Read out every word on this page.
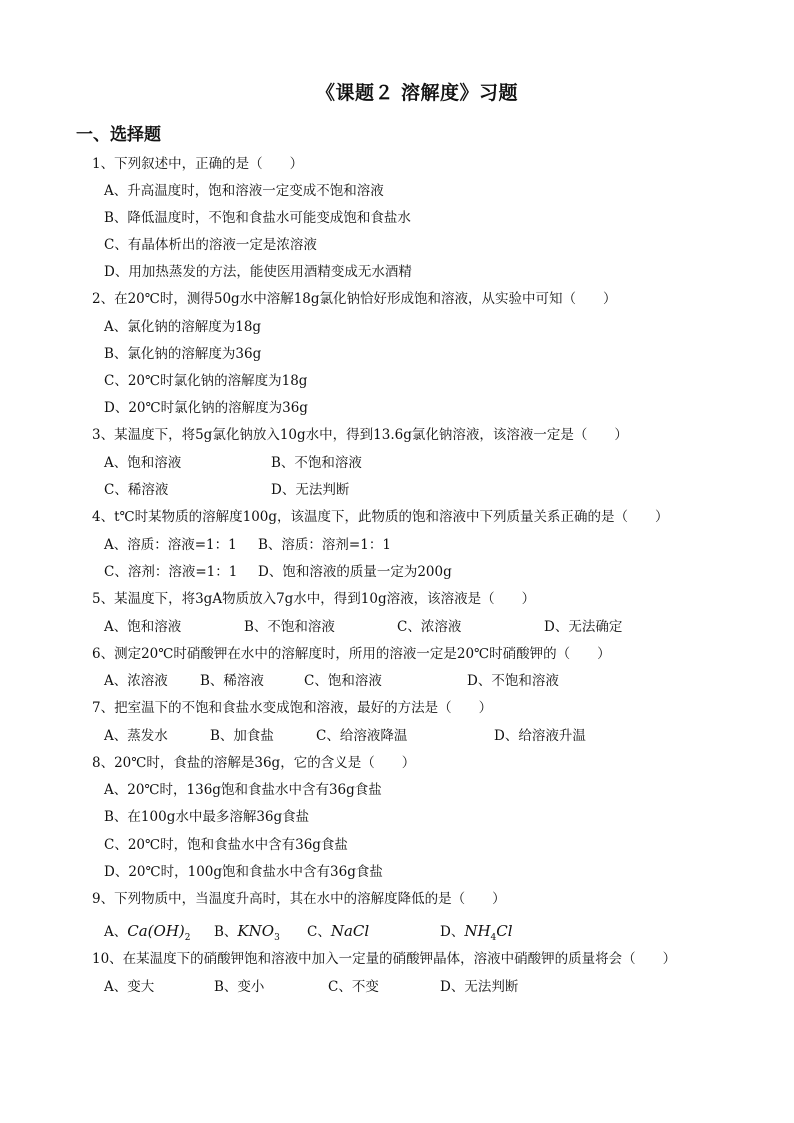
《课题２ 溶解度》习题
一、选择题
1、下列叙述中，正确的是（　　）
A、升高温度时，饱和溶液一定变成不饱和溶液
B、降低温度时，不饱和食盐水可能变成饱和食盐水
C、有晶体析出的溶液一定是浓溶液
D、用加热蒸发的方法，能使医用酒精变成无水酒精
2、在20℃时，测得50g水中溶解18g氯化钠恰好形成饱和溶液，从实验中可知（　　）
A、氯化钠的溶解度为18g
B、氯化钠的溶解度为36g
C、20℃时氯化钠的溶解度为18g
D、20℃时氯化钠的溶解度为36g
3、某温度下，将5g氯化钠放入10g水中，得到13.6g氯化钠溶液，该溶液一定是（　　）
A、饱和溶液	B、不饱和溶液
C、稀溶液	D、无法判断
4、t℃时某物质的溶解度100g，该温度下，此物质的饱和溶液中下列质量关系正确的是（　　）
A、溶质：溶液=1：1 B、溶质：溶剂=1：1
C、溶剂：溶液=1：1 D、饱和溶液的质量一定为200g
5、某温度下，将3gA物质放入7g水中，得到10g溶液，该溶液是（　　）
A、饱和溶液	B、不饱和溶液	C、浓溶液	D、无法确定
6、测定20℃时硝酸钾在水中的溶解度时，所用的溶液一定是20℃时硝酸钾的（　　）
A、浓溶液 B、稀溶液	C、饱和溶液	D、不饱和溶液
7、把室温下的不饱和食盐水变成饱和溶液，最好的方法是（　　）
A、蒸发水	B、加食盐	C、给溶液降温	D、给溶液升温
8、20℃时，食盐的溶解是36g，它的含义是（　　）
A、20℃时，136g饱和食盐水中含有36g食盐
B、在100g水中最多溶解36g食盐
C、20℃时，饱和食盐水中含有36g食盐
D、20℃时，100g饱和食盐水中含有36g食盐
9、下列物质中，当温度升高时，其在水中的溶解度降低的是（　　）
A、$Ca(OH)_2$ B、$KNO_3$ C、NaCl	D、$NH_4Cl$
10、在某温度下的硝酸钾饱和溶液中加入一定量的硝酸钾晶体，溶液中硝酸钾的质量将会（　　）
A、变大	B、变小	C、不变	D、无法判断
